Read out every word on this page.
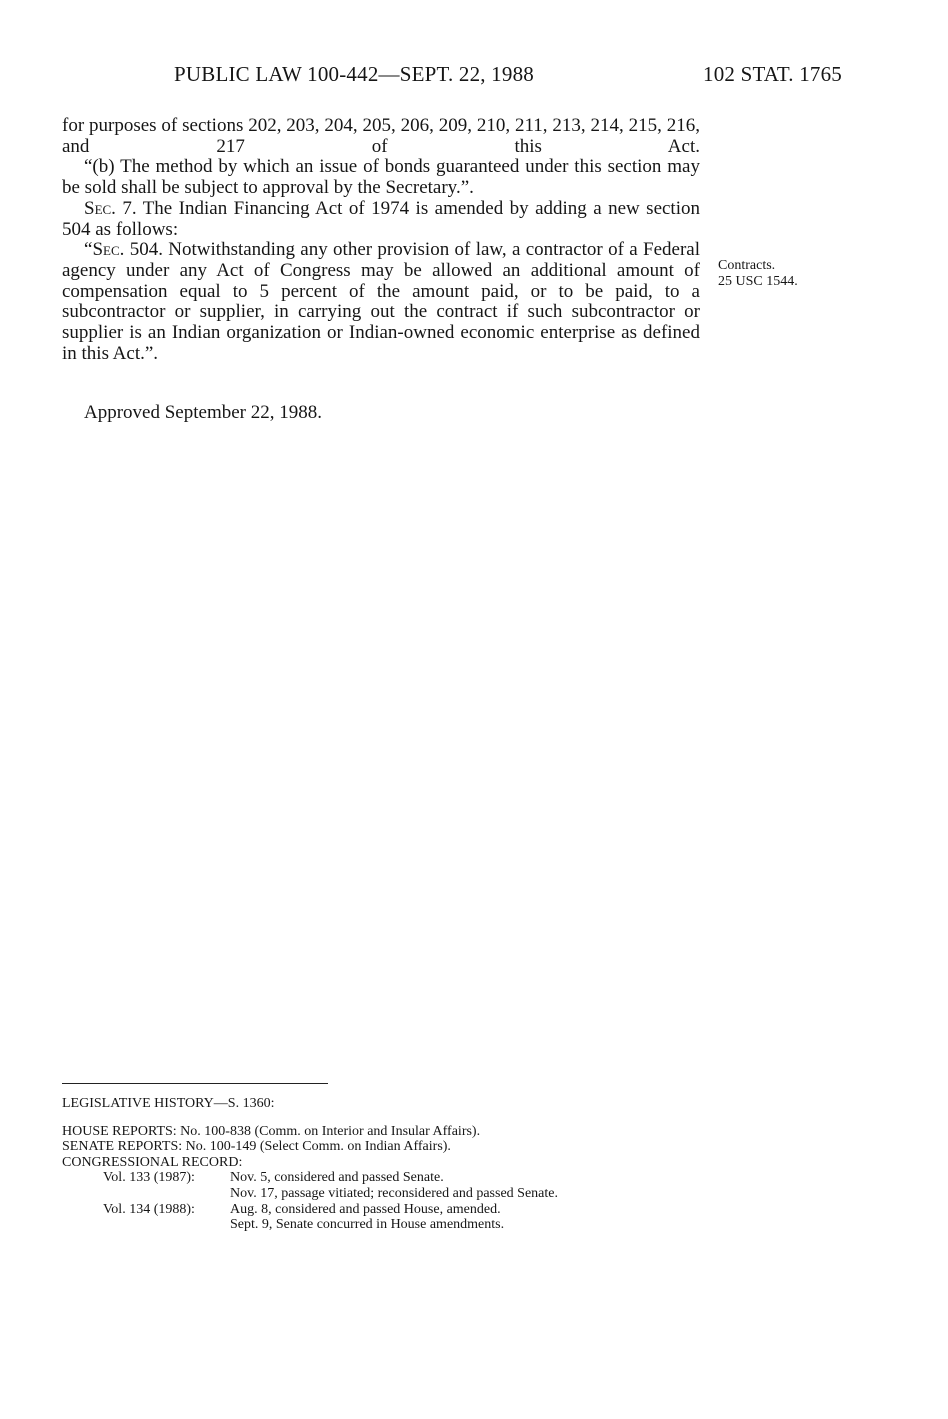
PUBLIC LAW 100-442—SEPT. 22, 1988	102 STAT. 1765

for purposes of sections 202, 203, 204, 205, 206, 209, 210, 211, 213, 214, 215, 216, and 217 of this Act.

“(b) The method by which an issue of bonds guaranteed under this section may be sold shall be subject to approval by the Secretary.”.

Sec. 7. The Indian Financing Act of 1974 is amended by adding a new section 504 as follows:

“Sec. 504. Notwithstanding any other provision of law, a contractor of a Federal agency under any Act of Congress may be allowed an additional amount of compensation equal to 5 percent of the amount paid, or to be paid, to a subcontractor or supplier, in carrying out the contract if such subcontractor or supplier is an Indian organization or Indian-owned economic enterprise as defined in this Act.”.

Contracts.
25 USC 1544.
Approved September 22, 1988.
LEGISLATIVE HISTORY—S. 1360:
HOUSE REPORTS: No. 100-838 (Comm. on Interior and Insular Affairs).
SENATE REPORTS: No. 100-149 (Select Comm. on Indian Affairs).
CONGRESSIONAL RECORD:
Vol. 133 (1987):	Nov. 5, considered and passed Senate.
Nov. 17, passage vitiated; reconsidered and passed Senate.
Vol. 134 (1988):	Aug. 8, considered and passed House, amended.
Sept. 9, Senate concurred in House amendments.
